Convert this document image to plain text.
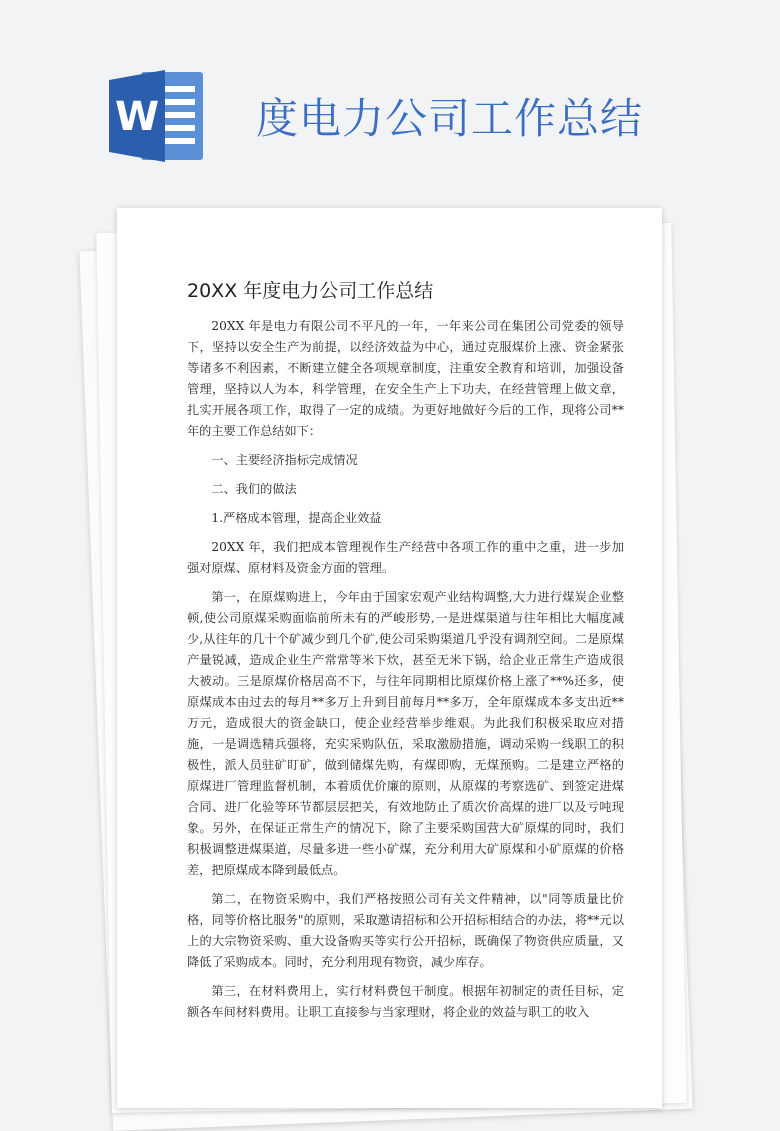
W 度电力公司工作总结
20XX 年度电力公司工作总结

20XX 年是电力有限公司不平凡的一年，一年来公司在集团公司党委的领导下，坚持以安全生产为前提，以经济效益为中心，通过克服煤价上涨、资金紧张等诸多不利因素，不断建立健全各项规章制度，注重安全教育和培训，加强设备管理，坚持以人为本，科学管理，在安全生产上下功夫，在经营管理上做文章，扎实开展各项工作，取得了一定的成绩。为更好地做好今后的工作，现将公司**年的主要工作总结如下：

一、主要经济指标完成情况

二、我们的做法

1.严格成本管理，提高企业效益

20XX 年，我们把成本管理视作生产经营中各项工作的重中之重，进一步加强对原煤、原材料及资金方面的管理。

第一，在原煤购进上，今年由于国家宏观产业结构调整,大力进行煤炭企业整顿,使公司原煤采购面临前所未有的严峻形势,一是进煤渠道与往年相比大幅度减少,从往年的几十个矿减少到几个矿,使公司采购渠道几乎没有调剂空间。二是原煤产量锐减，造成企业生产常常等米下炊，甚至无米下锅，给企业正常生产造成很大被动。三是原煤价格居高不下，与往年同期相比原煤价格上涨了**%还多，使原煤成本由过去的每月**多万上升到目前每月**多万，全年原煤成本多支出近**万元，造成很大的资金缺口，使企业经营举步维艰。为此我们积极采取应对措施，一是调选精兵强将，充实采购队伍，采取激励措施，调动采购一线职工的积极性，派人员驻矿盯矿，做到储煤先购，有煤即购，无煤预购。二是建立严格的原煤进厂管理监督机制，本着质优价廉的原则，从原煤的考察选矿、到签定进煤合同、进厂化验等环节都层层把关，有效地防止了质次价高煤的进厂以及亏吨现象。另外，在保证正常生产的情况下，除了主要采购国营大矿原煤的同时，我们积极调整进煤渠道，尽量多进一些小矿煤，充分利用大矿原煤和小矿原煤的价格差，把原煤成本降到最低点。

第二，在物资采购中，我们严格按照公司有关文件精神，以"同等质量比价格，同等价格比服务"的原则，采取邀请招标和公开招标相结合的办法，将**元以上的大宗物资采购、重大设备购买等实行公开招标，既确保了物资供应质量，又降低了采购成本。同时，充分利用现有物资，减少库存。

第三，在材料费用上，实行材料费包干制度。根据年初制定的责任目标，定额各车间材料费用。让职工直接参与当家理财，将企业的效益与职工的收入
